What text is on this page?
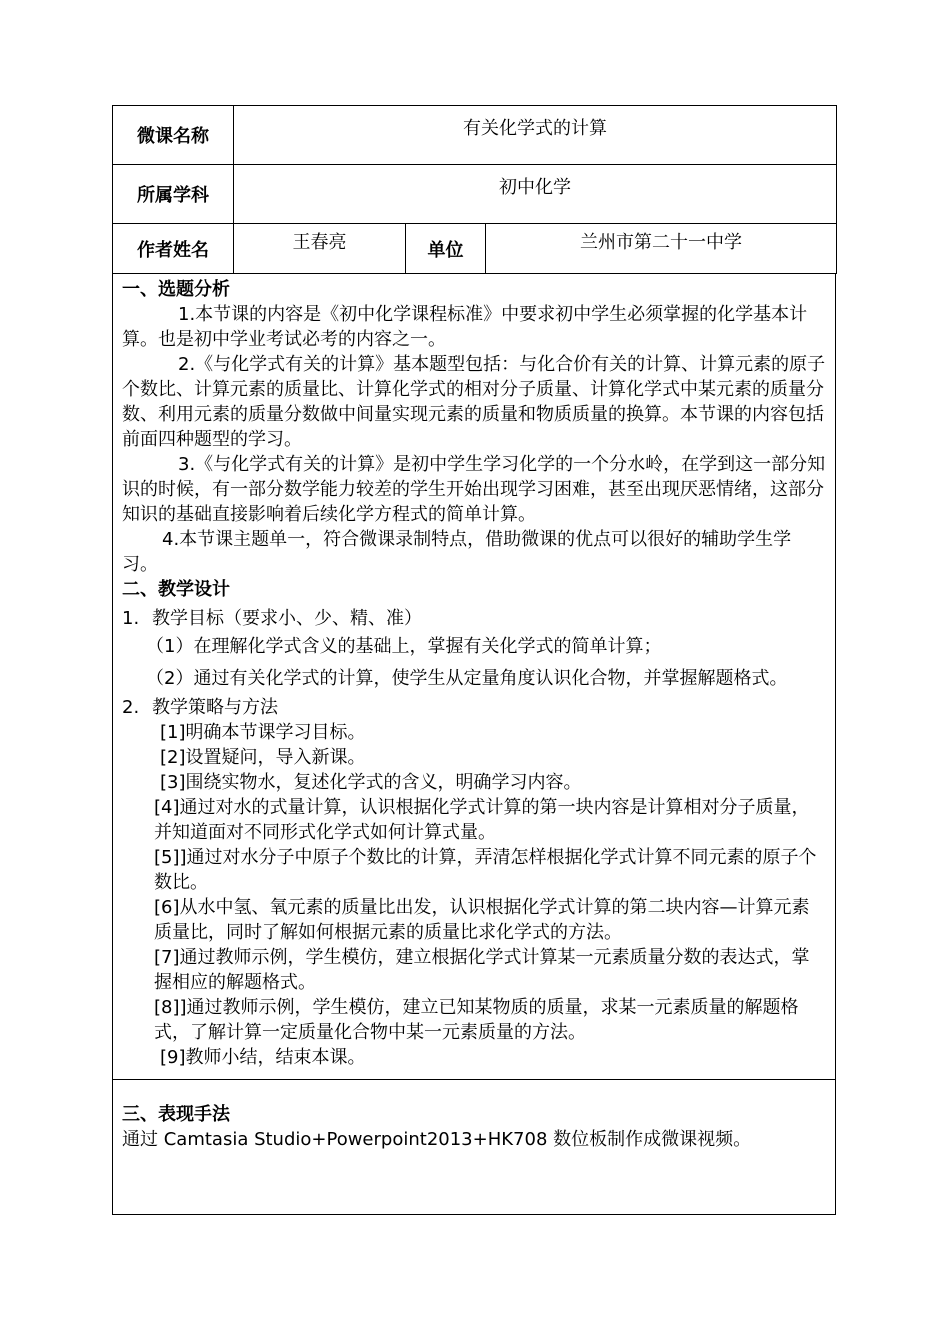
微课名称	有关化学式的计算		
所属学科	初中化学		
作者姓名	王春亮	单位	兰州市第二十一中学
一、选题分析

1.本节课的内容是《初中化学课程标准》中要求初中学生必须掌握的化学基本计算。也是初中学业考试必考的内容之一。

2.《与化学式有关的计算》基本题型包括：与化合价有关的计算、计算元素的原子个数比、计算元素的质量比、计算化学式的相对分子质量、计算化学式中某元素的质量分数、利用元素的质量分数做中间量实现元素的质量和物质质量的换算。本节课的内容包括前面四种题型的学习。

3.《与化学式有关的计算》是初中学生学习化学的一个分水岭，在学到这一部分知识的时候，有一部分数学能力较差的学生开始出现学习困难，甚至出现厌恶情绪，这部分知识的基础直接影响着后续化学方程式的简单计算。

4.本节课主题单一，符合微课录制特点，借助微课的优点可以很好的辅助学生学习。

二、教学设计
1. 教学目标（要求小、少、精、准）
（1）在理解化学式含义的基础上，掌握有关化学式的简单计算；
（2）通过有关化学式的计算，使学生从定量角度认识化合物，并掌握解题格式。
2. 教学策略与方法
[1]明确本节课学习目标。
[2]设置疑问，导入新课。
[3]围绕实物水，复述化学式的含义，明确学习内容。
[4]通过对水的式量计算，认识根据化学式计算的第一块内容是计算相对分子质量，并知道面对不同形式化学式如何计算式量。
[5]]通过对水分子中原子个数比的计算，弄清怎样根据化学式计算不同元素的原子个数比。
[6]从水中氢、氧元素的质量比出发，认识根据化学式计算的第二块内容—计算元素质量比，同时了解如何根据元素的质量比求化学式的方法。
[7]通过教师示例，学生模仿，建立根据化学式计算某一元素质量分数的表达式，掌握相应的解题格式。
[8]]通过教师示例，学生模仿，建立已知某物质的质量，求某一元素质量的解题格式，了解计算一定质量化合物中某一元素质量的方法。
[9]教师小结，结束本课。
三、表现手法

通过 Camtasia Studio+Powerpoint2013+HK708 数位板制作成微课视频。
